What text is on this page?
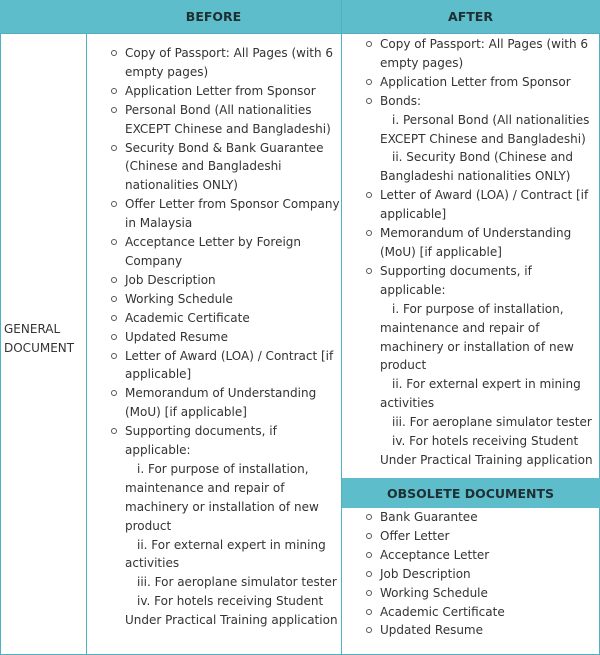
BEFORE	AFTER
OBSOLETE DOCUMENTS
GENERAL
DOCUMENT
Copy of Passport: All Pages (with 6
empty pages)
Application Letter from Sponsor
Personal Bond (All nationalities
EXCEPT Chinese and Bangladeshi)
Security Bond & Bank Guarantee
(Chinese and Bangladeshi
nationalities ONLY)
Offer Letter from Sponsor Company
in Malaysia
Acceptance Letter by Foreign
Company
Job Description
Working Schedule
Academic Certificate
Updated Resume
Letter of Award (LOA) / Contract [if
applicable]
Memorandum of Understanding
(MoU) [if applicable]
Supporting documents, if
applicable:
i. For purpose of installation,
maintenance and repair of
machinery or installation of new
product
ii. For external expert in mining
activities
iii. For aeroplane simulator tester
iv. For hotels receiving Student
Under Practical Training application
Copy of Passport: All Pages (with 6
empty pages)
Application Letter from Sponsor
Bonds:
i. Personal Bond (All nationalities
EXCEPT Chinese and Bangladeshi)
ii. Security Bond (Chinese and
Bangladeshi nationalities ONLY)
Letter of Award (LOA) / Contract [if
applicable]
Memorandum of Understanding
(MoU) [if applicable]
Supporting documents, if
applicable:
i. For purpose of installation,
maintenance and repair of
machinery or installation of new
product
ii. For external expert in mining
activities
iii. For aeroplane simulator tester
iv. For hotels receiving Student
Under Practical Training application
Bank Guarantee
Offer Letter
Acceptance Letter
Job Description
Working Schedule
Academic Certificate
Updated Resume
